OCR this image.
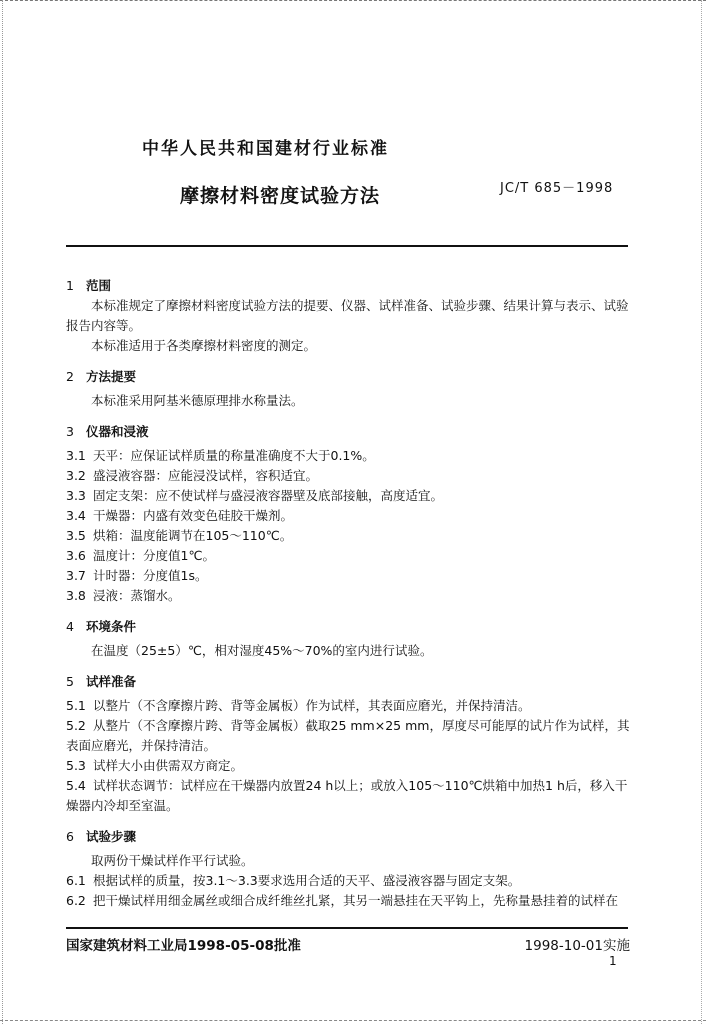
中华人民共和国建材行业标准
摩擦材料密度试验方法	JC/T 685－1998
1 范围
本标准规定了摩擦材料密度试验方法的提要、仪器、试样准备、试验步骤、结果计算与表示、试验报告内容等。
本标准适用于各类摩擦材料密度的测定。
2 方法提要
本标准采用阿基米德原理排水称量法。
3 仪器和浸液
3.1 天平：应保证试样质量的称量准确度不大于0.1%。
3.2 盛浸液容器：应能浸没试样，容积适宜。
3.3 固定支架：应不使试样与盛浸液容器壁及底部接触，高度适宜。
3.4 干燥器：内盛有效变色硅胶干燥剂。
3.5 烘箱：温度能调节在105～110℃。
3.6 温度计：分度值1℃。
3.7 计时器：分度值1s。
3.8 浸液：蒸馏水。
4 环境条件
在温度（25±5）℃，相对湿度45%～70%的室内进行试验。
5 试样准备
5.1 以整片（不含摩擦片跨、背等金属板）作为试样，其表面应磨光，并保持清洁。
5.2 从整片（不含摩擦片跨、背等金属板）截取25 mm×25 mm，厚度尽可能厚的试片作为试样，其表面应磨光，并保持清洁。
5.3 试样大小由供需双方商定。
5.4 试样状态调节：试样应在干燥器内放置24 h以上；或放入105～110℃烘箱中加热1 h后，移入干燥器内冷却至室温。
6 试验步骤
取两份干燥试样作平行试验。
6.1 根据试样的质量，按3.1～3.3要求选用合适的天平、盛浸液容器与固定支架。
6.2 把干燥试样用细金属丝或细合成纤维丝扎紧，其另一端悬挂在天平钩上，先称量悬挂着的试样在
国家建筑材料工业局1998-05-08批准	1998-10-01实施
1
